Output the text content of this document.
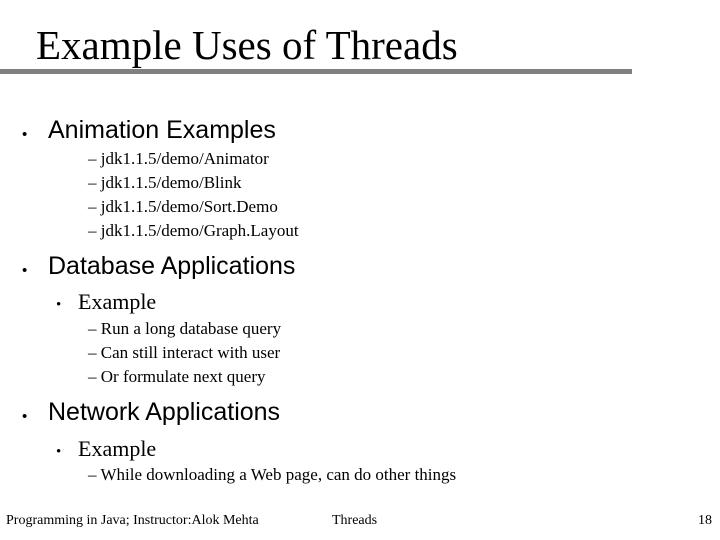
Example Uses of Threads
• Animation Examples
– jdk1.1.5/demo/Animator
– jdk1.1.5/demo/Blink
– jdk1.1.5/demo/Sort.Demo
– jdk1.1.5/demo/Graph.Layout
• Database Applications
• Example
– Run a long database query
– Can still interact with user
– Or formulate next query
• Network Applications
• Example
– While downloading a Web page, can do other things
Programming in Java; Instructor:Alok Mehta	Threads	18
